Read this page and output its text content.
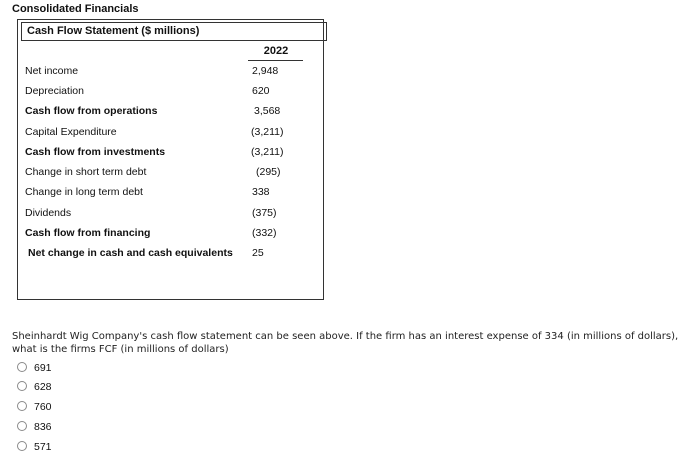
Consolidated Financials
Cash Flow Statement ($ millions)
2022
Net income	2,948
Depreciation	620
Cash flow from operations	3,568
Capital Expenditure	(3,211)
Cash flow from investments	(3,211)
Change in short term debt	(295)
Change in long term debt	338
Dividends	(375)
Cash flow from financing	(332)
Net change in cash and cash equivalents 25
Sheinhardt Wig Company's cash flow statement can be seen above. If the firm has an interest expense of 334 (in millions of dollars), what is the firms FCF (in millions of dollars)
691
628
760
836
571
